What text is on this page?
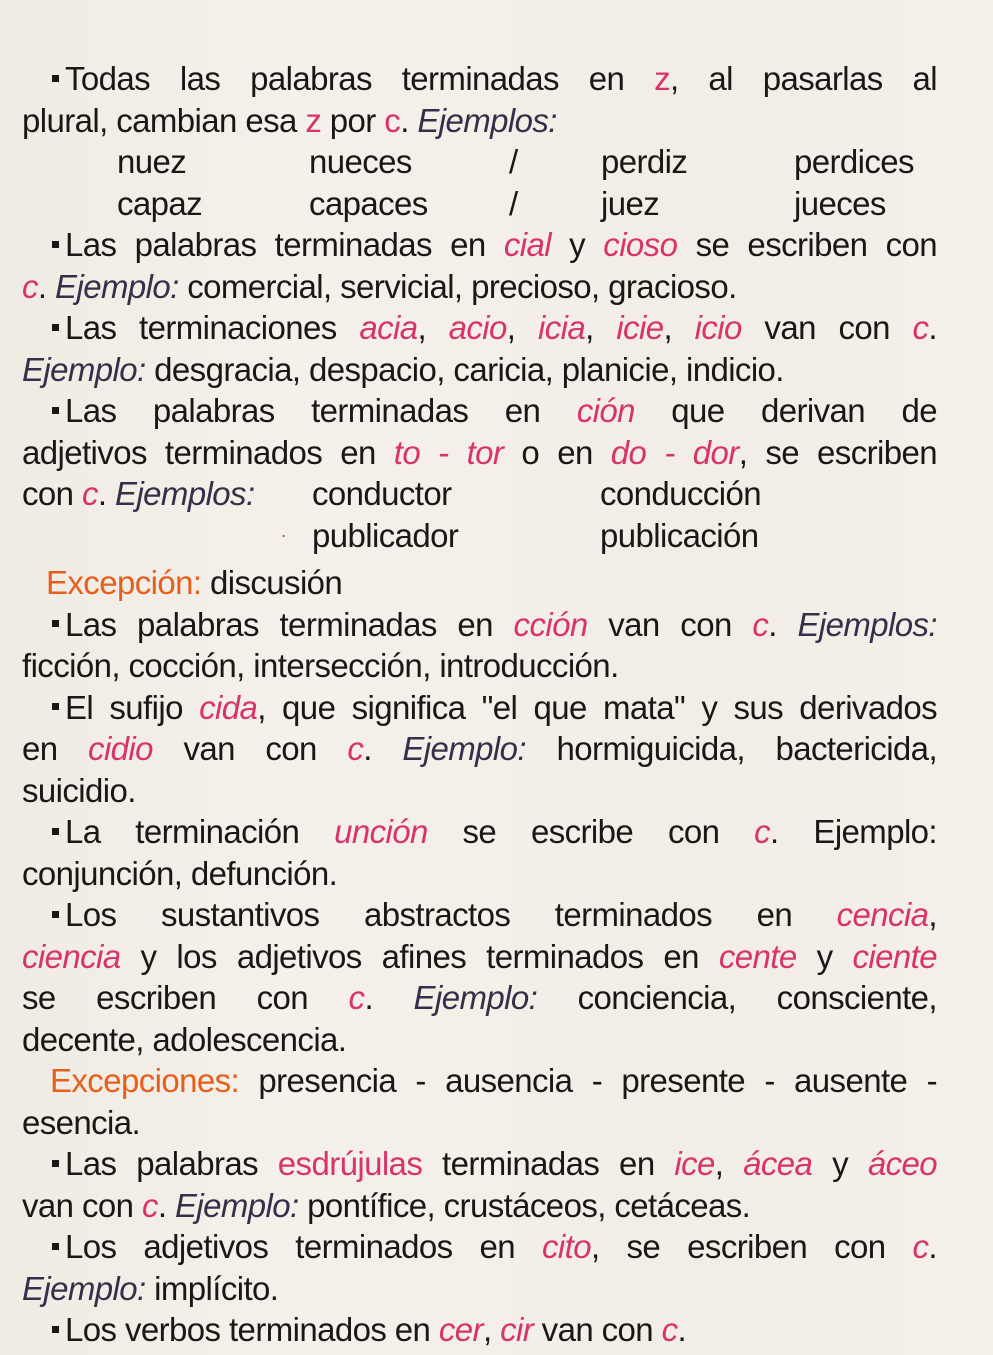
Todas las palabras terminadas en z, al pasarlas al
plural, cambian esa z por c. Ejemplos:
nuez	nueces	/	perdiz	perdices
capaz	capaces	/	juez	jueces
Las palabras terminadas en cial y cioso se escriben con
c. Ejemplo: comercial, servicial, precioso, gracioso.
Las terminaciones acia, acio, icia, icie, icio van con c.
Ejemplo: desgracia, despacio, caricia, planicie, indicio.
Las palabras terminadas en ción que derivan de
adjetivos terminados en to - tor o en do - dor, se escriben
con c. Ejemplos:	conductor	conducción
· publicador	publicación
Excepción: discusión
Las palabras terminadas en cción van con c. Ejemplos:
ficción, cocción, intersección, introducción.
El sufijo cida, que significa "el que mata" y sus derivados
en cidio van con c. Ejemplo: hormiguicida, bactericida,
suicidio.
La terminación unción se escribe con c. Ejemplo:
conjunción, defunción.
Los sustantivos abstractos terminados en cencia,
ciencia y los adjetivos afines terminados en cente y ciente
se escriben con c. Ejemplo: conciencia, consciente,
decente, adolescencia.
Excepciones: presencia - ausencia - presente - ausente -
esencia.
Las palabras esdrújulas terminadas en ice, ácea y áceo
van con c. Ejemplo: pontífice, crustáceos, cetáceas.
Los adjetivos terminados en cito, se escriben con c.
Ejemplo: implícito.
Los verbos terminados en cer, cir van con c.
